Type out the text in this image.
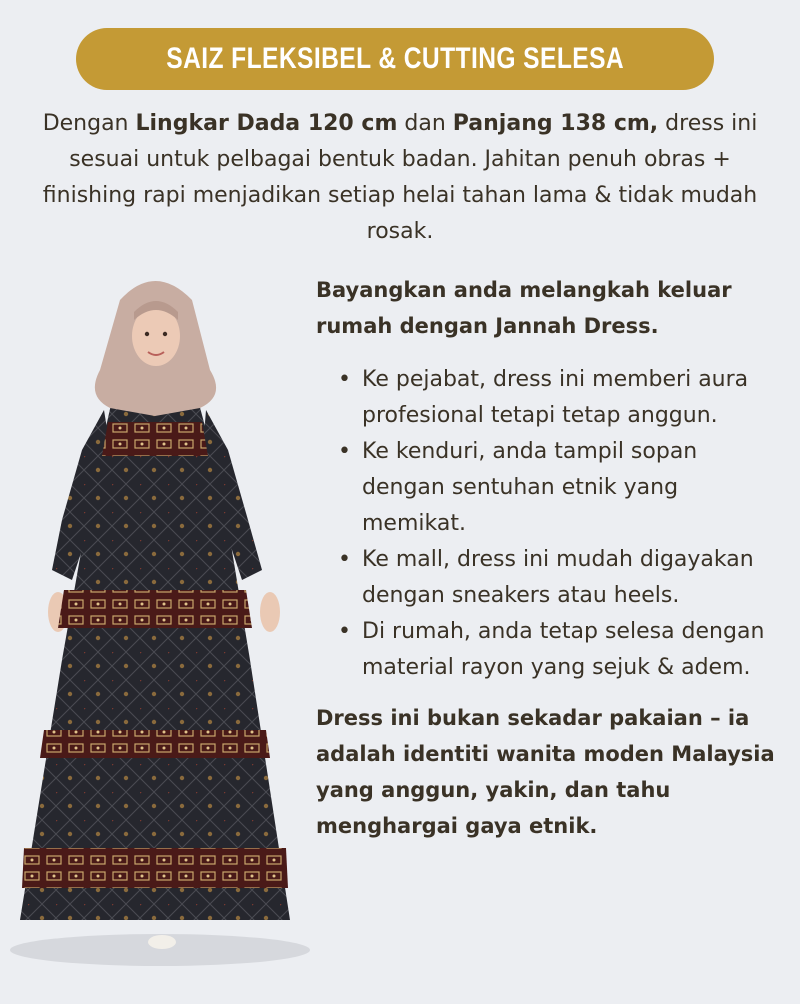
SAIZ FLEKSIBEL & CUTTING SELESA
Dengan Lingkar Dada 120 cm dan Panjang 138 cm, dress ini sesuai untuk pelbagai bentuk badan. Jahitan penuh obras + finishing rapi menjadikan setiap helai tahan lama & tidak mudah rosak.

Bayangkan anda melangkah keluar rumah dengan Jannah Dress.

• Ke pejabat, dress ini memberi aura profesional tetapi tetap anggun.
• Ke kenduri, anda tampil sopan dengan sentuhan etnik yang memikat.
• Ke mall, dress ini mudah digayakan dengan sneakers atau heels.
• Di rumah, anda tetap selesa dengan material rayon yang sejuk & adem.

Dress ini bukan sekadar pakaian – ia adalah identiti wanita moden Malaysia yang anggun, yakin, dan tahu menghargai gaya etnik.
